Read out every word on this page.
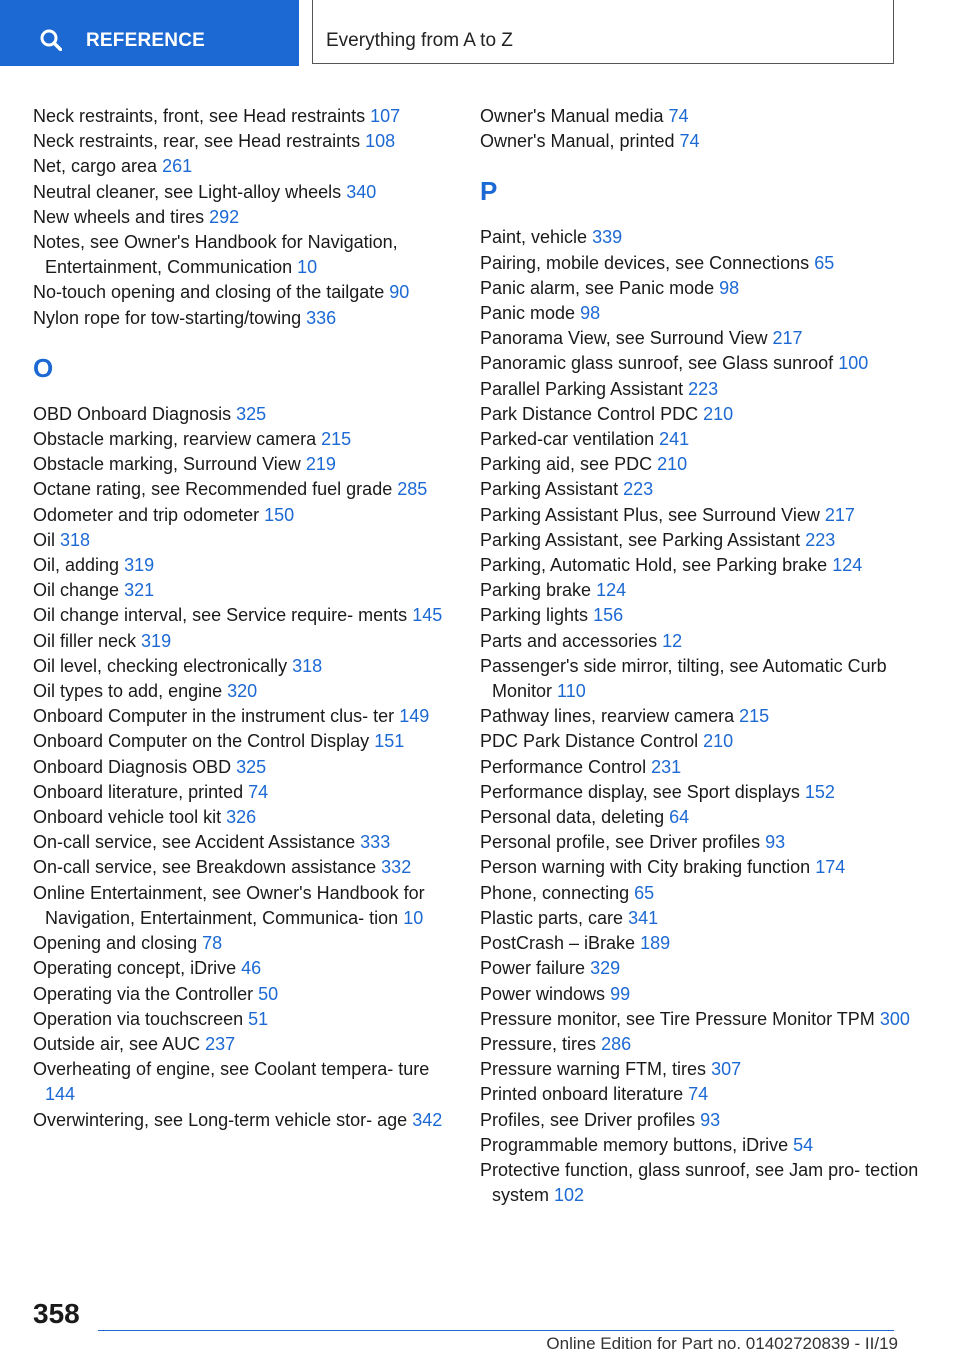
REFERENCE	Everything from A to Z
Neck restraints, front, see Head restraints 107
Neck restraints, rear, see Head restraints 108
Net, cargo area 261
Neutral cleaner, see Light-alloy wheels 340
New wheels and tires 292
Notes, see Owner's Handbook for Navigation, Entertainment, Communication 10
No-touch opening and closing of the tailgate 90
Nylon rope for tow-starting/towing 336
O
OBD Onboard Diagnosis 325
Obstacle marking, rearview camera 215
Obstacle marking, Surround View 219
Octane rating, see Recommended fuel grade 285
Odometer and trip odometer 150
Oil 318
Oil, adding 319
Oil change 321
Oil change interval, see Service require‐ ments 145
Oil filler neck 319
Oil level, checking electronically 318
Oil types to add, engine 320
Onboard Computer in the instrument clus‐ ter 149
Onboard Computer on the Control Display 151
Onboard Diagnosis OBD 325
Onboard literature, printed 74
Onboard vehicle tool kit 326
On-call service, see Accident Assistance 333
On-call service, see Breakdown assistance 332
Online Entertainment, see Owner's Handbook for Navigation, Entertainment, Communica‐ tion 10
Opening and closing 78
Operating concept, iDrive 46
Operating via the Controller 50
Operation via touchscreen 51
Outside air, see AUC 237
Overheating of engine, see Coolant tempera‐ ture 144
Overwintering, see Long-term vehicle stor‐ age 342
Owner's Manual media 74
Owner's Manual, printed 74
P
Paint, vehicle 339
Pairing, mobile devices, see Connections 65
Panic alarm, see Panic mode 98
Panic mode 98
Panorama View, see Surround View 217
Panoramic glass sunroof, see Glass sunroof 100
Parallel Parking Assistant 223
Park Distance Control PDC 210
Parked-car ventilation 241
Parking aid, see PDC 210
Parking Assistant 223
Parking Assistant Plus, see Surround View 217
Parking Assistant, see Parking Assistant 223
Parking, Automatic Hold, see Parking brake 124
Parking brake 124
Parking lights 156
Parts and accessories 12
Passenger's side mirror, tilting, see Automatic Curb Monitor 110
Pathway lines, rearview camera 215
PDC Park Distance Control 210
Performance Control 231
Performance display, see Sport displays 152
Personal data, deleting 64
Personal profile, see Driver profiles 93
Person warning with City braking function 174
Phone, connecting 65
Plastic parts, care 341
PostCrash – iBrake 189
Power failure 329
Power windows 99
Pressure monitor, see Tire Pressure Monitor TPM 300
Pressure, tires 286
Pressure warning FTM, tires 307
Printed onboard literature 74
Profiles, see Driver profiles 93
Programmable memory buttons, iDrive 54
Protective function, glass sunroof, see Jam pro‐ tection system 102
358
Online Edition for Part no. 01402720839 - II/19
